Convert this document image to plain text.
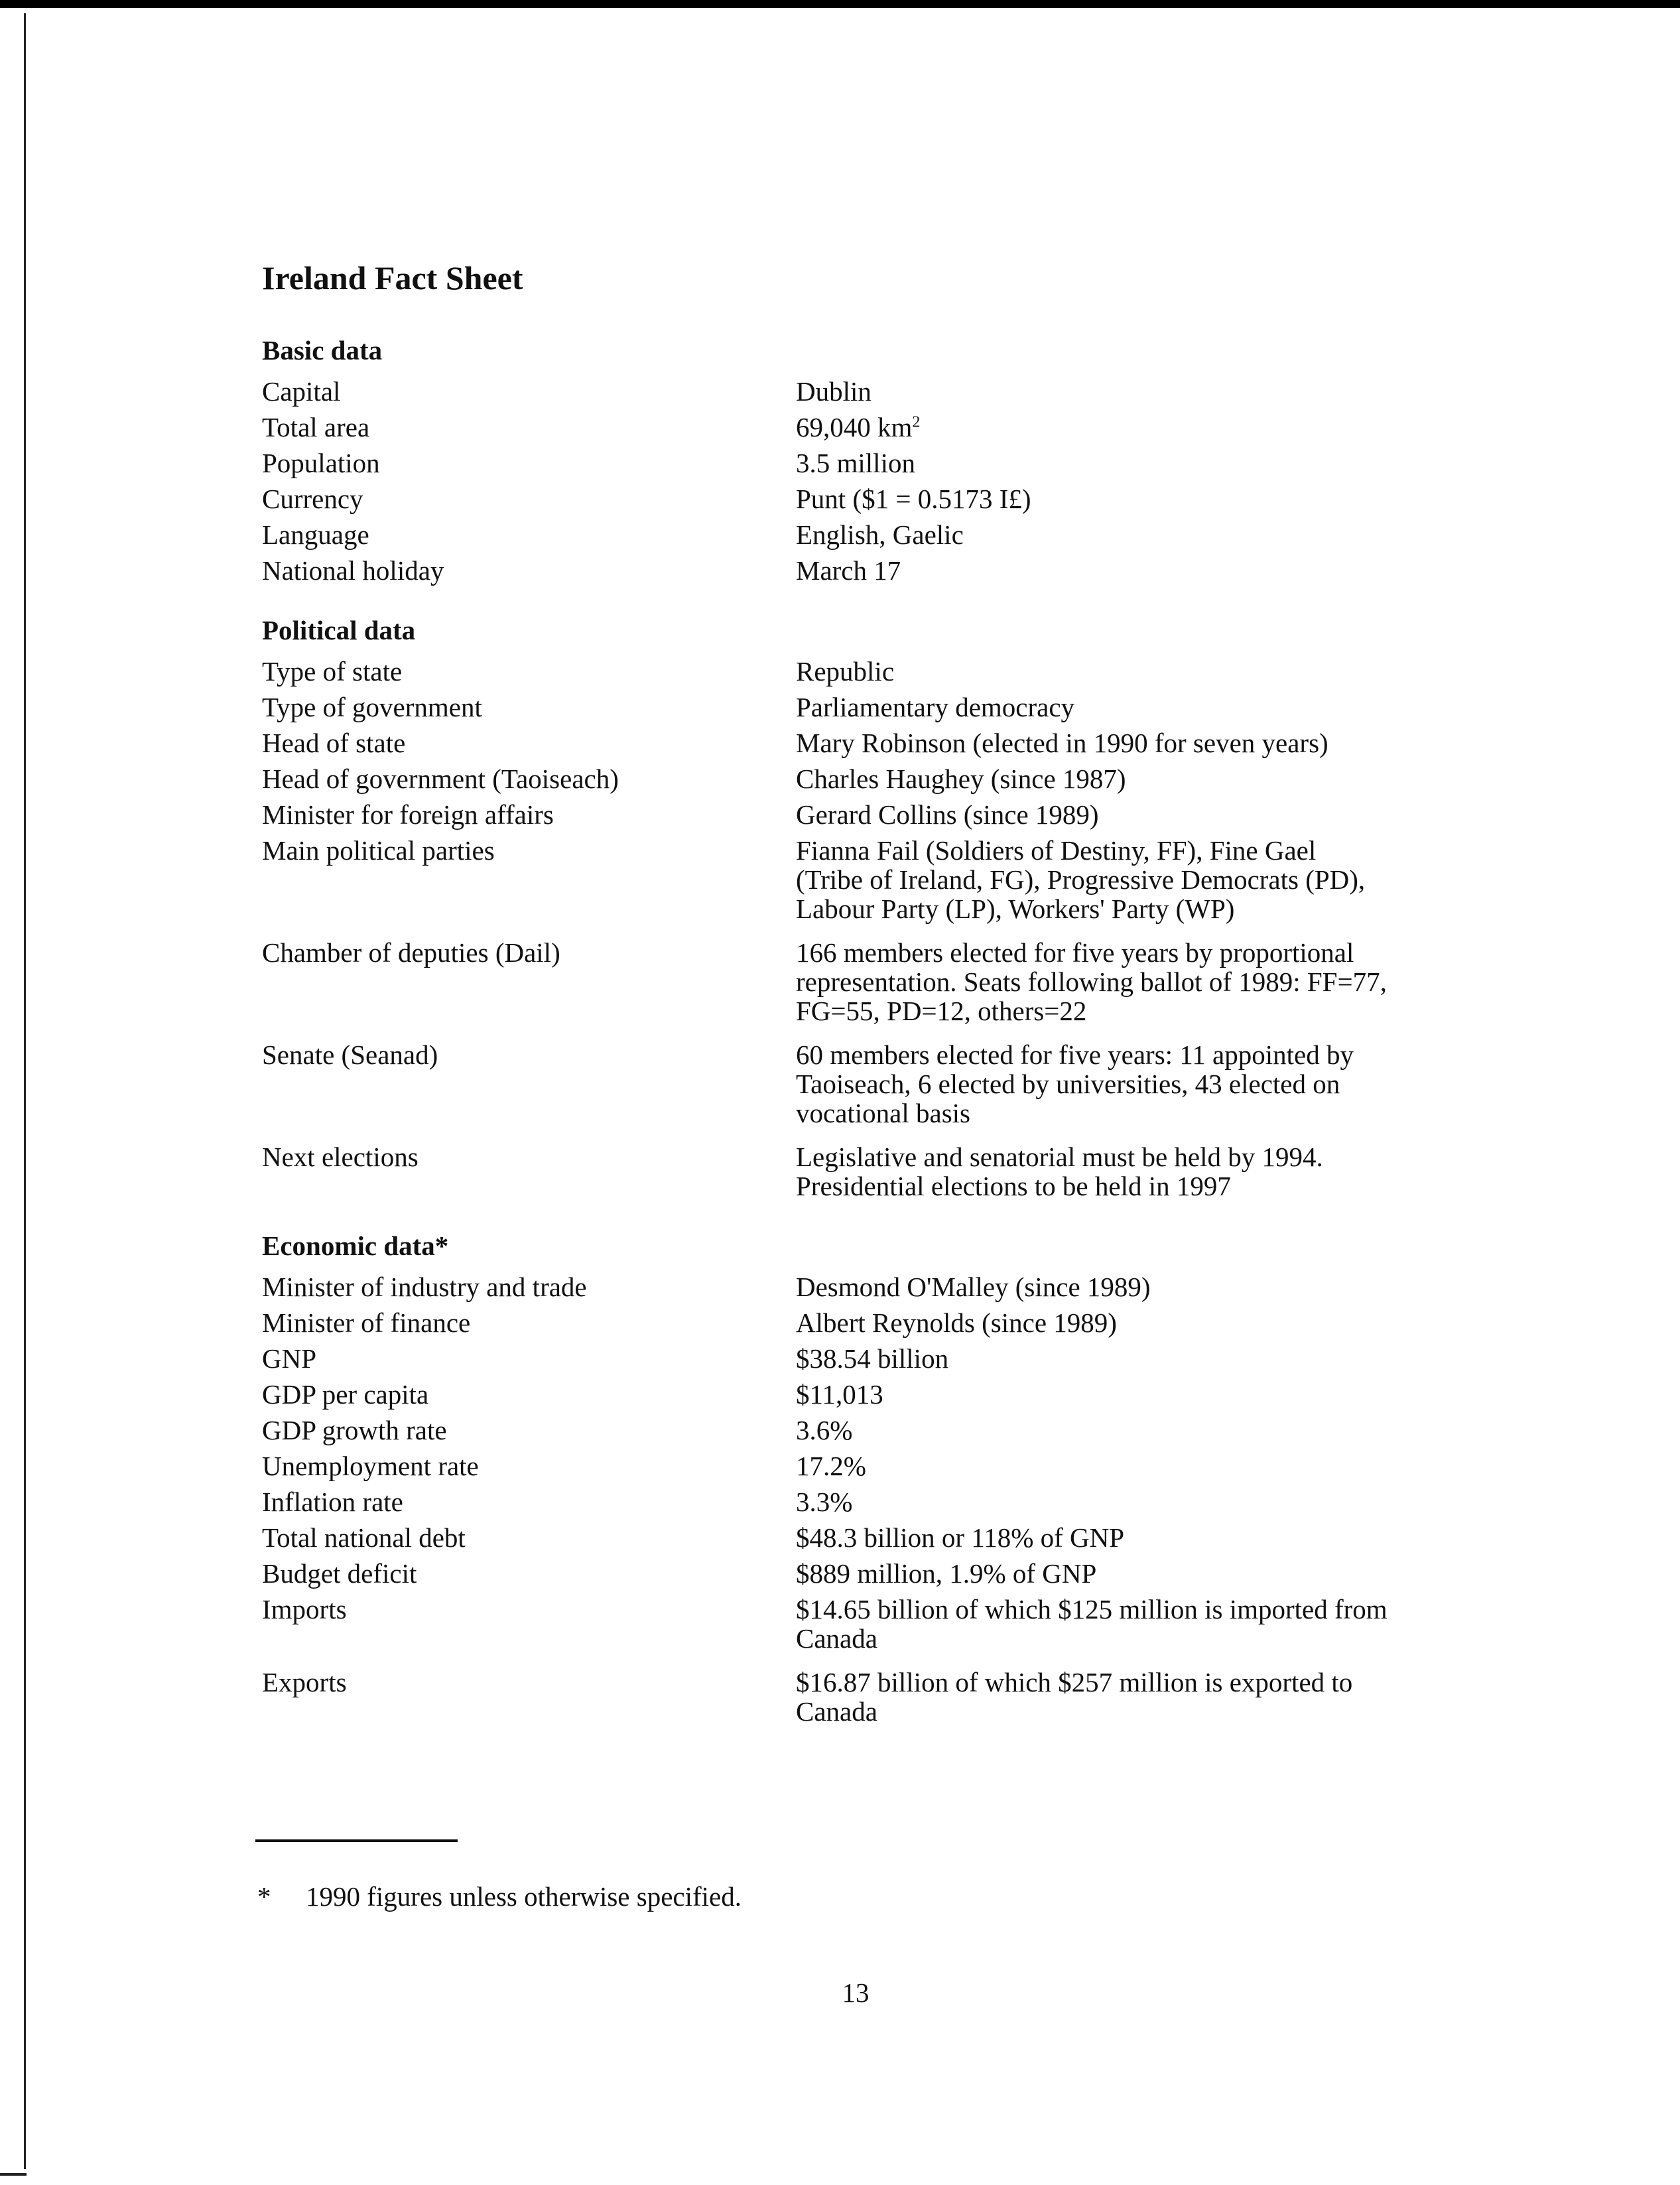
Ireland Fact Sheet
Basic data
Capital	Dublin
Total area	69,040 $km^2$
Population	3.5 million
Currency	Punt ($1 = 0.5173 I£)
Language	English, Gaelic
National holiday	March 17
Political data
Type of state	Republic
Type of government	Parliamentary democracy
Head of state	Mary Robinson (elected in 1990 for seven years)
Head of government (Taoiseach)	Charles Haughey (since 1987)
Minister for foreign affairs	Gerard Collins (since 1989)
Main political parties	Fianna Fail (Soldiers of Destiny, FF), Fine Gael
(Tribe of Ireland, FG), Progressive Democrats (PD),
Labour Party (LP), Workers' Party (WP)
Chamber of deputies (Dail)	166 members elected for five years by proportional
representation. Seats following ballot of 1989: FF=77,
FG=55, PD=12, others=22
Senate (Seanad)	60 members elected for five years: 11 appointed by
Taoiseach, 6 elected by universities, 43 elected on
vocational basis
Next elections	Legislative and senatorial must be held by 1994.
Presidential elections to be held in 1997
Economic data*
Minister of industry and trade	Desmond O'Malley (since 1989)
Minister of finance	Albert Reynolds (since 1989)
GNP	$38.54 billion
GDP per capita	$11,013
GDP growth rate	3.6%
Unemployment rate	17.2%
Inflation rate	3.3%
Total national debt	$48.3 billion or 118% of GNP
Budget deficit	$889 million, 1.9% of GNP
Imports	$14.65 billion of which $125 million is imported from
Canada
Exports	$16.87 billion of which $257 million is exported to
Canada
*	1990 figures unless otherwise specified.
13
